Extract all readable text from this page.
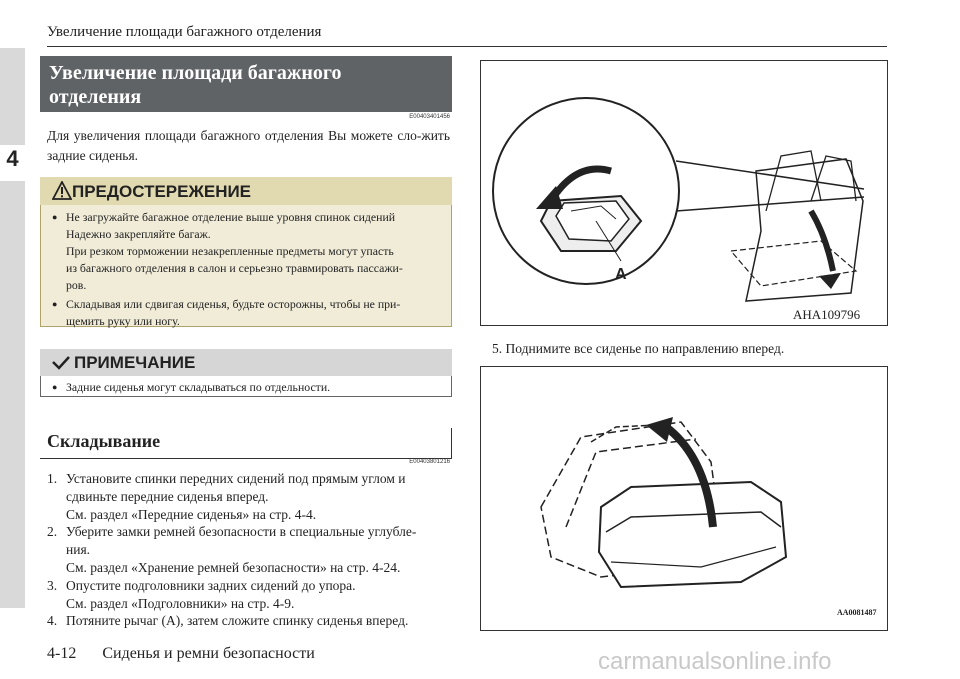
4
Увеличение площади багажного отделения
Увеличение площади багажного
отделения
E00403401456
Для увеличения площади багажного отделения Вы можете сло-жить задние сиденья.
ПРЕДОСТЕРЕЖЕНИЕ
● Не загружайте багажное отделение выше уровня спинок сидений
Надежно закрепляйте багаж.
При резком торможении незакрепленные предметы могут упасть
из багажного отделения в салон и серьезно травмировать пассажи-
ров.
● Складывая или сдвигая сиденья, будьте осторожны, чтобы не при-
щемить руку или ногу.
ПРИМЕЧАНИЕ
● Задние сиденья могут складываться по отдельности.
Складывание
E00403801216
1. Установите спинки передних сидений под прямым углом и
сдвиньте передние сиденья вперед.
См. раздел «Передние сиденья» на стр. 4-4.
2. Уберите замки ремней безопасности в специальные углубле-
ния.
См. раздел «Хранение ремней безопасности» на стр. 4-24.
3. Опустите подголовники задних сидений до упора.
См. раздел «Подголовники» на стр. 4-9.
4. Потяните рычаг (A), затем сложите спинку сиденья вперед.
A
AHA109796
5. Поднимите все сиденье по направлению вперед.
AA0081487
4-12 Сиденья и ремни безопасности	carmanualsonline.info
